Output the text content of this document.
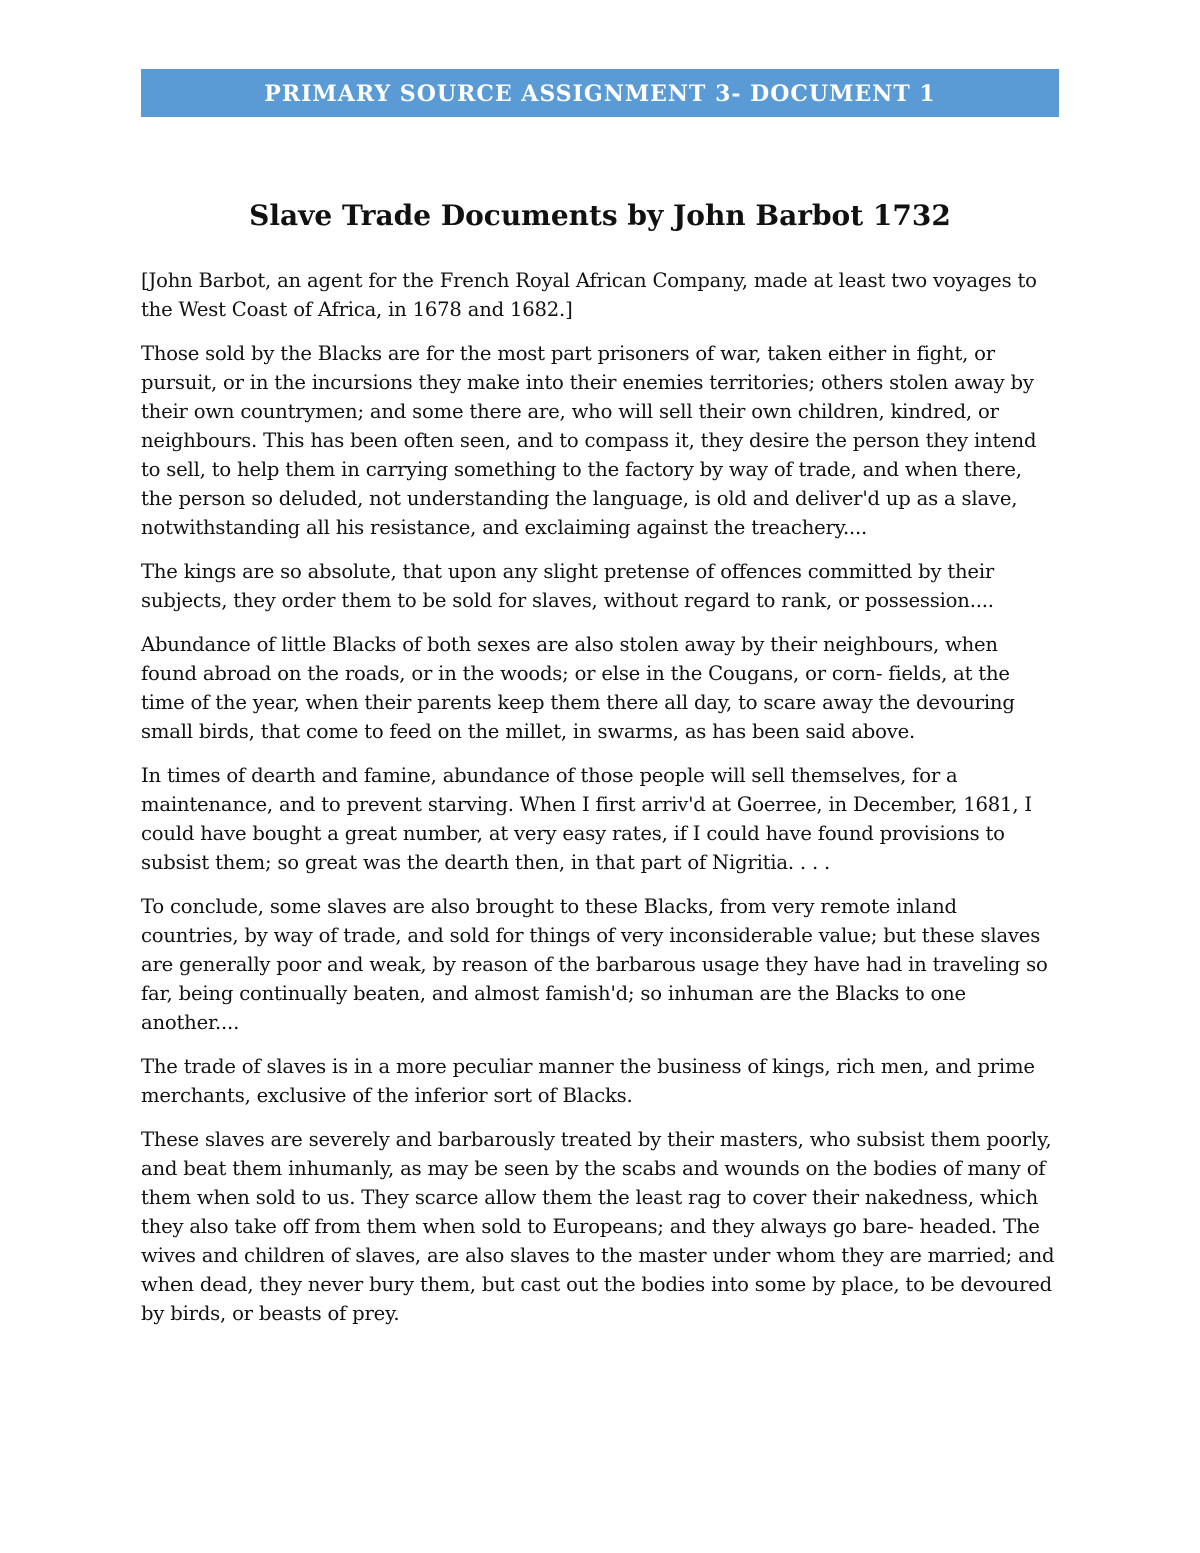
PRIMARY SOURCE ASSIGNMENT 3- DOCUMENT 1
Slave Trade Documents by John Barbot 1732

[John Barbot, an agent for the French Royal African Company, made at least two voyages to the West Coast of Africa, in 1678 and 1682.]

Those sold by the Blacks are for the most part prisoners of war, taken either in fight, or pursuit, or in the incursions they make into their enemies territories; others stolen away by their own countrymen; and some there are, who will sell their own children, kindred, or neighbours. This has been often seen, and to compass it, they desire the person they intend to sell, to help them in carrying something to the factory by way of trade, and when there, the person so deluded, not understanding the language, is old and deliver'd up as a slave, notwithstanding all his resistance, and exclaiming against the treachery....

The kings are so absolute, that upon any slight pretense of offences committed by their subjects, they order them to be sold for slaves, without regard to rank, or possession....

Abundance of little Blacks of both sexes are also stolen away by their neighbours, when found abroad on the roads, or in the woods; or else in the Cougans, or corn- fields, at the time of the year, when their parents keep them there all day, to scare away the devouring small birds, that come to feed on the millet, in swarms, as has been said above.

In times of dearth and famine, abundance of those people will sell themselves, for a maintenance, and to prevent starving. When I first arriv'd at Goerree, in December, 1681, I could have bought a great number, at very easy rates, if I could have found provisions to subsist them; so great was the dearth then, in that part of Nigritia. . . .

To conclude, some slaves are also brought to these Blacks, from very remote inland countries, by way of trade, and sold for things of very inconsiderable value; but these slaves are generally poor and weak, by reason of the barbarous usage they have had in traveling so far, being continually beaten, and almost famish'd; so inhuman are the Blacks to one another....

The trade of slaves is in a more peculiar manner the business of kings, rich men, and prime merchants, exclusive of the inferior sort of Blacks.

These slaves are severely and barbarously treated by their masters, who subsist them poorly, and beat them inhumanly, as may be seen by the scabs and wounds on the bodies of many of them when sold to us. They scarce allow them the least rag to cover their nakedness, which they also take off from them when sold to Europeans; and they always go bare- headed. The wives and children of slaves, are also slaves to the master under whom they are married; and when dead, they never bury them, but cast out the bodies into some by place, to be devoured by birds, or beasts of prey.
